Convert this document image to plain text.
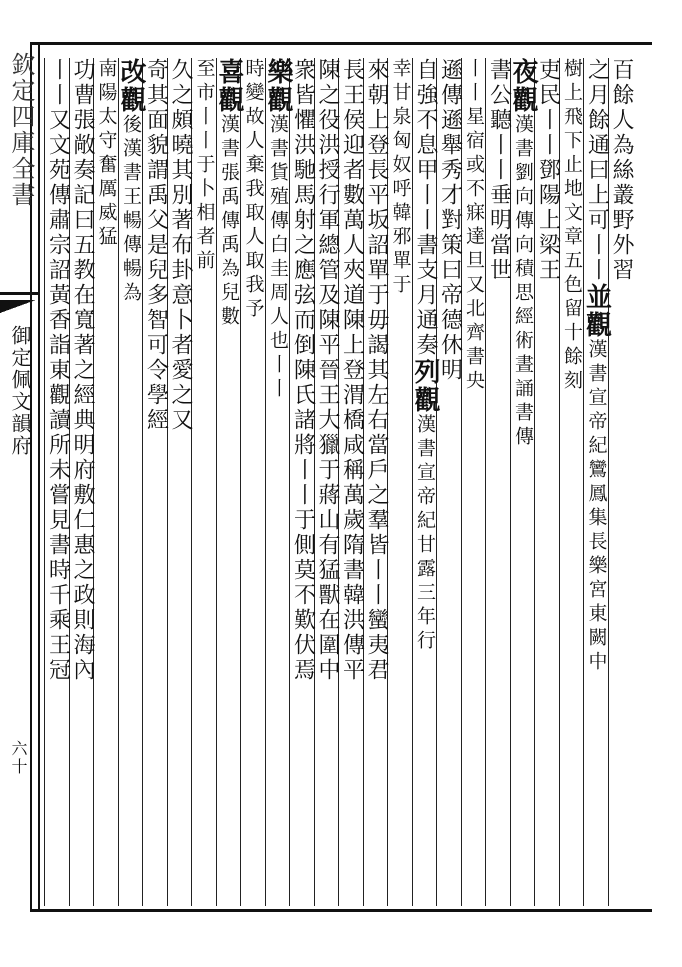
欽定四庫全書
御定佩文韻府
六十
百餘人為絲叢野外習
之月餘通曰上可丨丨並觀漢書宣帝紀鸞鳳集長樂宮東闕中
樹上飛下止地文章五色留十餘刻
吏民丨丨鄧陽上梁王
夜觀漢書劉向傳向積思經術晝誦書傳
書公聽丨丨垂明當世
丨丨星宿或不寐達旦又北齊書央
遜傳遜舉秀才對策曰帝德休明
自強不息甲丨丨書支月通奏列觀漢書宣帝紀甘露三年行
幸甘泉匈奴呼韓邪單于
來朝上登長平坂詔單于毋謁其左右當戶之羣皆丨丨蠻夷君
長王侯迎者數萬人夾道陳上登渭橋咸稱萬歲隋書韓洪傳平
陳之役洪授行軍總管及陳平晉王大獵于蔣山有猛獸在圍中
衆皆懼洪馳馬射之應弦而倒陳氏諸將丨丨于側莫不歎伏焉
樂觀漢書貨殖傳白圭周人也丨丨
時變故人棄我取人取我予
喜觀漢書張禹傳禹為兒數
至市丨丨于卜相者前
久之頗曉其別著布卦意卜者愛之又
奇其面貌謂禹父是兒多智可令學經
改觀後漢書王暢傳暢為
南陽太守奮厲威猛
功曹張敞奏記曰五教在寬著之經典明府敷仁惠之政則海內
丨丨又文苑傳肅宗詔黃香詣東觀讀所未嘗見書時千乘王冠
